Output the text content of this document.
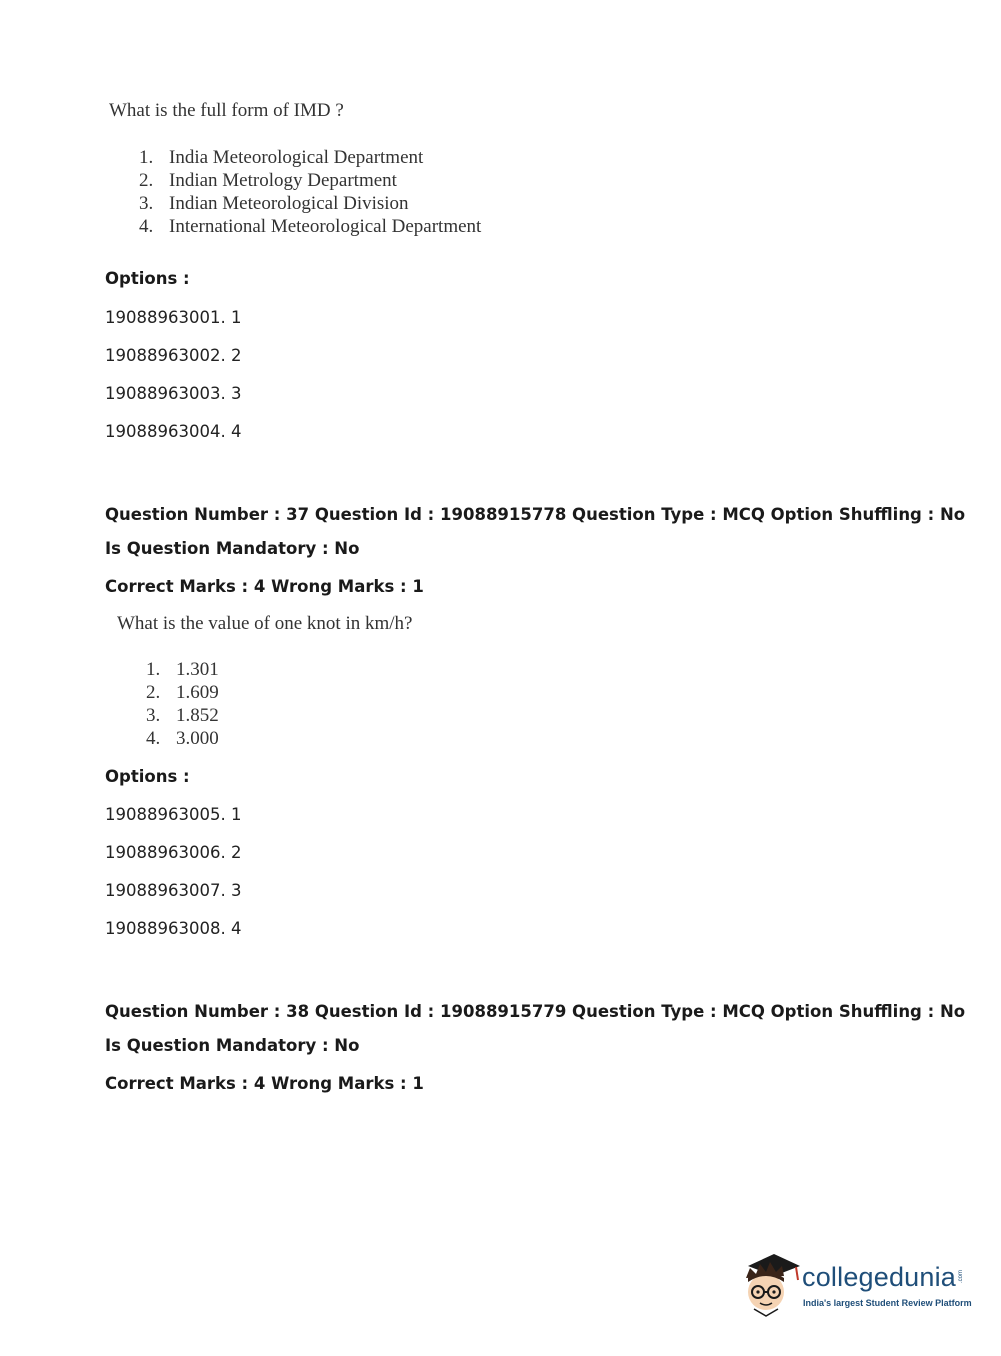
What is the full form of IMD ?
1. India Meteorological Department
2. Indian Metrology Department
3. Indian Meteorological Division
4. International Meteorological Department
Options :
19088963001. 1
19088963002. 2
19088963003. 3
19088963004. 4
Question Number : 37 Question Id : 19088915778 Question Type : MCQ Option Shuffling : No
Is Question Mandatory : No
Correct Marks : 4 Wrong Marks : 1
What is the value of one knot in km/h?
1. 1.301
2. 1.609
3. 1.852
4. 3.000
Options :
19088963005. 1
19088963006. 2
19088963007. 3
19088963008. 4
Question Number : 38 Question Id : 19088915779 Question Type : MCQ Option Shuffling : No
Is Question Mandatory : No
Correct Marks : 4 Wrong Marks : 1
collegedunia .com
India's largest Student Review Platform
